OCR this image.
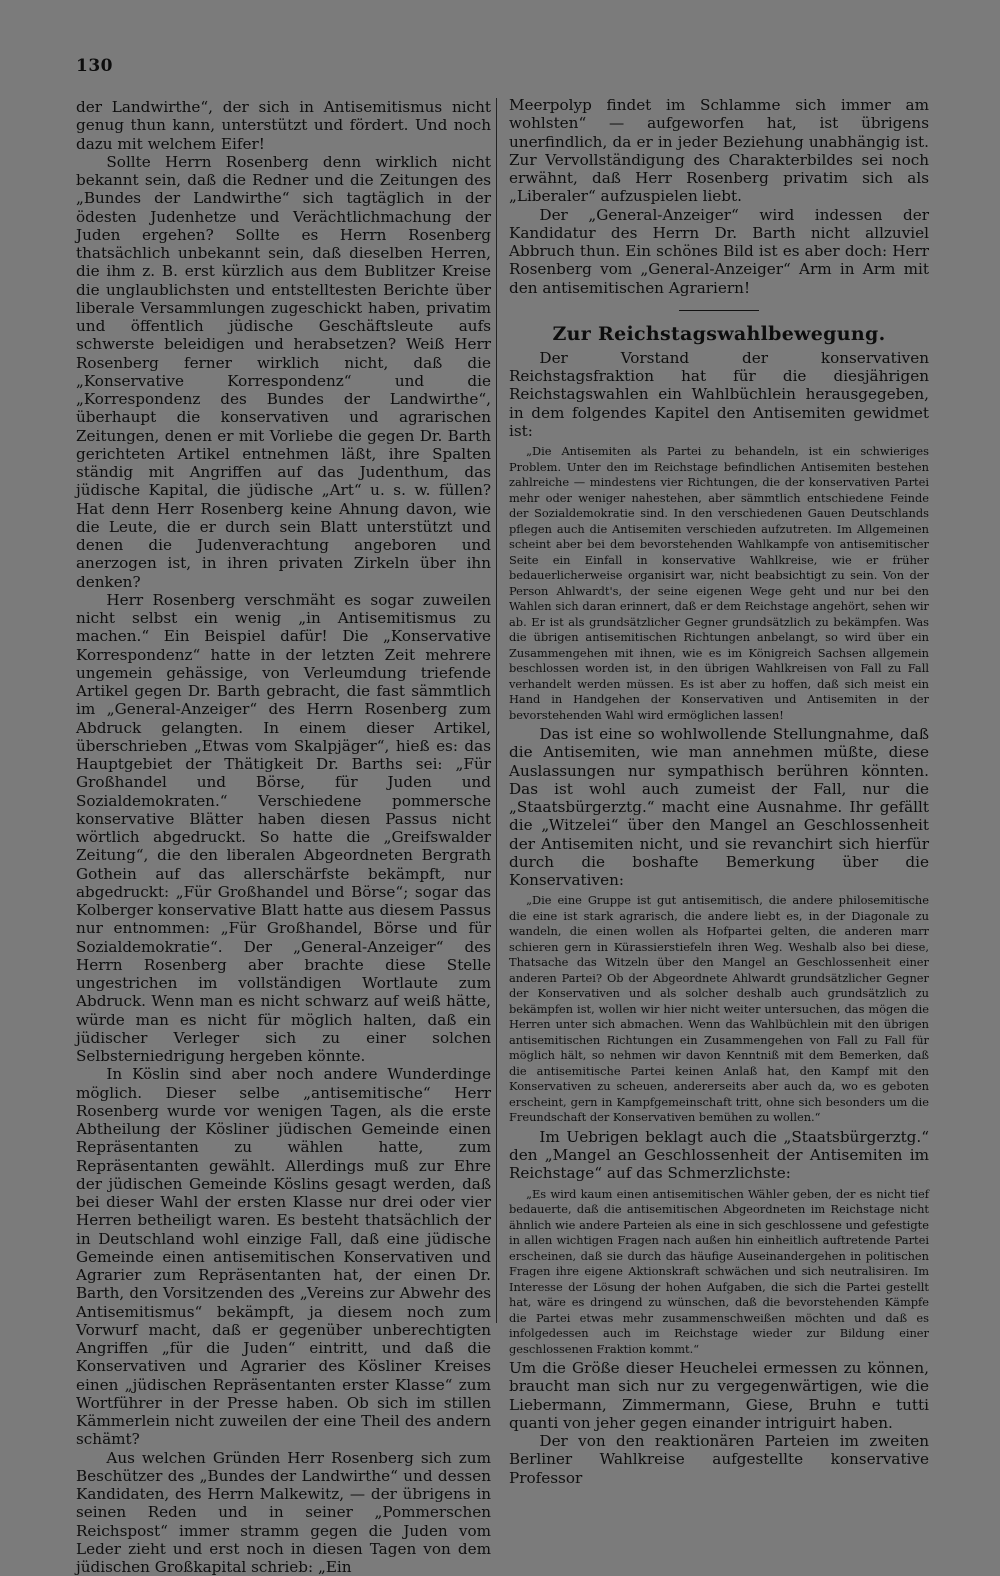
130

der Landwirthe“, der sich in Antisemitismus nicht genug thun kann, unterstützt und fördert. Und noch dazu mit welchem Eifer!

Sollte Herrn Rosenberg denn wirklich nicht bekannt sein, daß die Redner und die Zeitungen des „Bundes der Landwirthe“ sich tagtäglich in der ödesten Judenhetze und Verächtlichmachung der Juden ergehen? Sollte es Herrn Rosenberg thatsächlich unbekannt sein, daß dieselben Herren, die ihm z. B. erst kürzlich aus dem Bublitzer Kreise die unglaublichsten und entstelltesten Berichte über liberale Versammlungen zugeschickt haben, privatim und öffentlich jüdische Geschäftsleute aufs schwerste beleidigen und herabsetzen? Weiß Herr Rosenberg ferner wirklich nicht, daß die „Konservative Korrespondenz“ und die „Korrespondenz des Bundes der Landwirthe“, überhaupt die konservativen und agrarischen Zeitungen, denen er mit Vorliebe die gegen Dr. Barth gerichteten Artikel entnehmen läßt, ihre Spalten ständig mit Angriffen auf das Judenthum, das jüdische Kapital, die jüdische „Art“ u. s. w. füllen? Hat denn Herr Rosenberg keine Ahnung davon, wie die Leute, die er durch sein Blatt unterstützt und denen die Judenverachtung angeboren und anerzogen ist, in ihren privaten Zirkeln über ihn denken?

Herr Rosenberg verschmäht es sogar zuweilen nicht selbst ein wenig „in Antisemitismus zu machen.“ Ein Beispiel dafür! Die „Konservative Korrespondenz“ hatte in der letzten Zeit mehrere ungemein gehässige, von Verleumdung triefende Artikel gegen Dr. Barth gebracht, die fast sämmtlich im „General-Anzeiger“ des Herrn Rosenberg zum Abdruck gelangten. In einem dieser Artikel, überschrieben „Etwas vom Skalpjäger“, hieß es: das Hauptgebiet der Thätigkeit Dr. Barths sei: „Für Großhandel und Börse, für Juden und Sozialdemokraten.“ Verschiedene pommersche konservative Blätter haben diesen Passus nicht wörtlich abgedruckt. So hatte die „Greifswalder Zeitung“, die den liberalen Abgeordneten Bergrath Gothein auf das allerschärfste bekämpft, nur abgedruckt: „Für Großhandel und Börse“; sogar das Kolberger konservative Blatt hatte aus diesem Passus nur entnommen: „Für Großhandel, Börse und für Sozialdemokratie“. Der „General-Anzeiger“ des Herrn Rosenberg aber brachte diese Stelle ungestrichen im vollständigen Wortlaute zum Abdruck. Wenn man es nicht schwarz auf weiß hätte, würde man es nicht für möglich halten, daß ein jüdischer Verleger sich zu einer solchen Selbsterniedrigung hergeben könnte.

In Köslin sind aber noch andere Wunderdinge möglich. Dieser selbe „antisemitische“ Herr Rosenberg wurde vor wenigen Tagen, als die erste Abtheilung der Kösliner jüdischen Gemeinde einen Repräsentanten zu wählen hatte, zum Repräsentanten gewählt. Allerdings muß zur Ehre der jüdischen Gemeinde Köslins gesagt werden, daß bei dieser Wahl der ersten Klasse nur drei oder vier Herren betheiligt waren. Es besteht thatsächlich der in Deutschland wohl einzige Fall, daß eine jüdische Gemeinde einen antisemitischen Konservativen und Agrarier zum Repräsentanten hat, der einen Dr. Barth, den Vorsitzenden des „Vereins zur Abwehr des Antisemitismus“ bekämpft, ja diesem noch zum Vorwurf macht, daß er gegenüber unberechtigten Angriffen „für die Juden“ eintritt, und daß die Konservativen und Agrarier des Kösliner Kreises einen „jüdischen Repräsentanten erster Klasse“ zum Wortführer in der Presse haben. Ob sich im stillen Kämmerlein nicht zuweilen der eine Theil des andern schämt?

Aus welchen Gründen Herr Rosenberg sich zum Beschützer des „Bundes der Landwirthe“ und dessen Kandidaten, des Herrn Malkewitz, — der übrigens in seinen Reden und in seiner „Pommerschen Reichspost“ immer stramm gegen die Juden vom Leder zieht und erst noch in diesen Tagen von dem jüdischen Großkapital schrieb: „Ein

Meerpolyp findet im Schlamme sich immer am wohlsten“ — aufgeworfen hat, ist übrigens unerfindlich, da er in jeder Beziehung unabhängig ist. Zur Vervollständigung des Charakterbildes sei noch erwähnt, daß Herr Rosenberg privatim sich als „Liberaler“ aufzuspielen liebt.

Der „General-Anzeiger“ wird indessen der Kandidatur des Herrn Dr. Barth nicht allzuviel Abbruch thun. Ein schönes Bild ist es aber doch: Herr Rosenberg vom „General-Anzeiger“ Arm in Arm mit den antisemitischen Agrariern!

Zur Reichstagswahlbewegung.

Der Vorstand der konservativen Reichstagsfraktion hat für die diesjährigen Reichstagswahlen ein Wahlbüchlein herausgegeben, in dem folgendes Kapitel den Antisemiten gewidmet ist:

„Die Antisemiten als Partei zu behandeln, ist ein schwieriges Problem. Unter den im Reichstage befindlichen Antisemiten bestehen zahlreiche — mindestens vier Richtungen, die der konservativen Partei mehr oder weniger nahestehen, aber sämmtlich entschiedene Feinde der Sozialdemokratie sind. In den verschiedenen Gauen Deutschlands pflegen auch die Antisemiten verschieden aufzutreten. Im Allgemeinen scheint aber bei dem bevorstehenden Wahlkampfe von antisemitischer Seite ein Einfall in konservative Wahlkreise, wie er früher bedauerlicherweise organisirt war, nicht beabsichtigt zu sein. Von der Person Ahlwardt's, der seine eigenen Wege geht und nur bei den Wahlen sich daran erinnert, daß er dem Reichstage angehört, sehen wir ab. Er ist als grundsätzlicher Gegner grundsätzlich zu bekämpfen. Was die übrigen antisemitischen Richtungen anbelangt, so wird über ein Zusammengehen mit ihnen, wie es im Königreich Sachsen allgemein beschlossen worden ist, in den übrigen Wahlkreisen von Fall zu Fall verhandelt werden müssen. Es ist aber zu hoffen, daß sich meist ein Hand in Handgehen der Konservativen und Antisemiten in der bevorstehenden Wahl wird ermöglichen lassen!

Das ist eine so wohlwollende Stellungnahme, daß die Antisemiten, wie man annehmen müßte, diese Auslassungen nur sympathisch berühren könnten. Das ist wohl auch zumeist der Fall, nur die „Staatsbürgerztg.“ macht eine Ausnahme. Ihr gefällt die „Witzelei“ über den Mangel an Geschlossenheit der Antisemiten nicht, und sie revanchirt sich hierfür durch die boshafte Bemerkung über die Konservativen:

„Die eine Gruppe ist gut antisemitisch, die andere philosemitische die eine ist stark agrarisch, die andere liebt es, in der Diagonale zu wandeln, die einen wollen als Hofpartei gelten, die anderen marr schieren gern in Kürassierstiefeln ihren Weg. Weshalb also bei diese, Thatsache das Witzeln über den Mangel an Geschlossenheit einer anderen Partei? Ob der Abgeordnete Ahlwardt grundsätzlicher Gegner der Konservativen und als solcher deshalb auch grundsätzlich zu bekämpfen ist, wollen wir hier nicht weiter untersuchen, das mögen die Herren unter sich abmachen. Wenn das Wahlbüchlein mit den übrigen antisemitischen Richtungen ein Zusammengehen von Fall zu Fall für möglich hält, so nehmen wir davon Kenntniß mit dem Bemerken, daß die antisemitische Partei keinen Anlaß hat, den Kampf mit den Konservativen zu scheuen, andererseits aber auch da, wo es geboten erscheint, gern in Kampfgemeinschaft tritt, ohne sich besonders um die Freundschaft der Konservativen bemühen zu wollen.“

Im Uebrigen beklagt auch die „Staatsbürgerztg.“ den „Mangel an Geschlossenheit der Antisemiten im Reichstage“ auf das Schmerzlichste:

„Es wird kaum einen antisemitischen Wähler geben, der es nicht tief bedauerte, daß die antisemitischen Abgeordneten im Reichstage nicht ähnlich wie andere Parteien als eine in sich geschlossene und gefestigte in allen wichtigen Fragen nach außen hin einheitlich auftretende Partei erscheinen, daß sie durch das häufige Auseinandergehen in politischen Fragen ihre eigene Aktionskraft schwächen und sich neutralisiren. Im Interesse der Lösung der hohen Aufgaben, die sich die Partei gestellt hat, wäre es dringend zu wünschen, daß die bevorstehenden Kämpfe die Partei etwas mehr zusammenschweißen möchten und daß es infolgedessen auch im Reichstage wieder zur Bildung einer geschlossenen Fraktion kommt.“

Um die Größe dieser Heuchelei ermessen zu können, braucht man sich nur zu vergegenwärtigen, wie die Liebermann, Zimmermann, Giese, Bruhn e tutti quanti von jeher gegen einander intriguirt haben.

Der von den reaktionären Parteien im zweiten Berliner Wahlkreise aufgestellte konservative Professor
